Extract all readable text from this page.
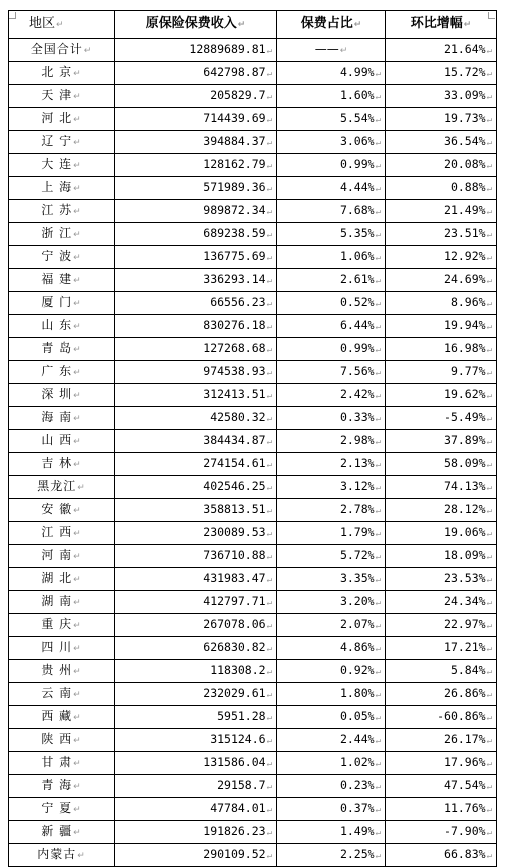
地区↵	原保险保费收入↵	保费占比↵	环比增幅↵
全国合计↵	12889689.81↵	——↵	21.64%↵
北 京↵	642798.87↵	4.99%↵	15.72%↵
天 津↵	205829.7↵	1.60%↵	33.09%↵
河 北↵	714439.69↵	5.54%↵	19.73%↵
辽 宁↵	394884.37↵	3.06%↵	36.54%↵
大 连↵	128162.79↵	0.99%↵	20.08%↵
上 海↵	571989.36↵	4.44%↵	0.88%↵
江 苏↵	989872.34↵	7.68%↵	21.49%↵
浙 江↵	689238.59↵	5.35%↵	23.51%↵
宁 波↵	136775.69↵	1.06%↵	12.92%↵
福 建↵	336293.14↵	2.61%↵	24.69%↵
厦 门↵	66556.23↵	0.52%↵	8.96%↵
山 东↵	830276.18↵	6.44%↵	19.94%↵
青 岛↵	127268.68↵	0.99%↵	16.98%↵
广 东↵	974538.93↵	7.56%↵	9.77%↵
深 圳↵	312413.51↵	2.42%↵	19.62%↵
海 南↵	42580.32↵	0.33%↵	-5.49%↵
山 西↵	384434.87↵	2.98%↵	37.89%↵
吉 林↵	274154.61↵	2.13%↵	58.09%↵
黑龙江↵	402546.25↵	3.12%↵	74.13%↵
安 徽↵	358813.51↵	2.78%↵	28.12%↵
江 西↵	230089.53↵	1.79%↵	19.06%↵
河 南↵	736710.88↵	5.72%↵	18.09%↵
湖 北↵	431983.47↵	3.35%↵	23.53%↵
湖 南↵	412797.71↵	3.20%↵	24.34%↵
重 庆↵	267078.06↵	2.07%↵	22.97%↵
四 川↵	626830.82↵	4.86%↵	17.21%↵
贵 州↵	118308.2↵	0.92%↵	5.84%↵
云 南↵	232029.61↵	1.80%↵	26.86%↵
西 藏↵	5951.28↵	0.05%↵	-60.86%↵
陕 西↵	315124.6↵	2.44%↵	26.17%↵
甘 肃↵	131586.04↵	1.02%↵	17.96%↵
青 海↵	29158.7↵	0.23%↵	47.54%↵
宁 夏↵	47784.01↵	0.37%↵	11.76%↵
新 疆↵	191826.23↵	1.49%↵	-7.90%↵
内蒙古↵	290109.52↵	2.25%↵	66.83%↵
